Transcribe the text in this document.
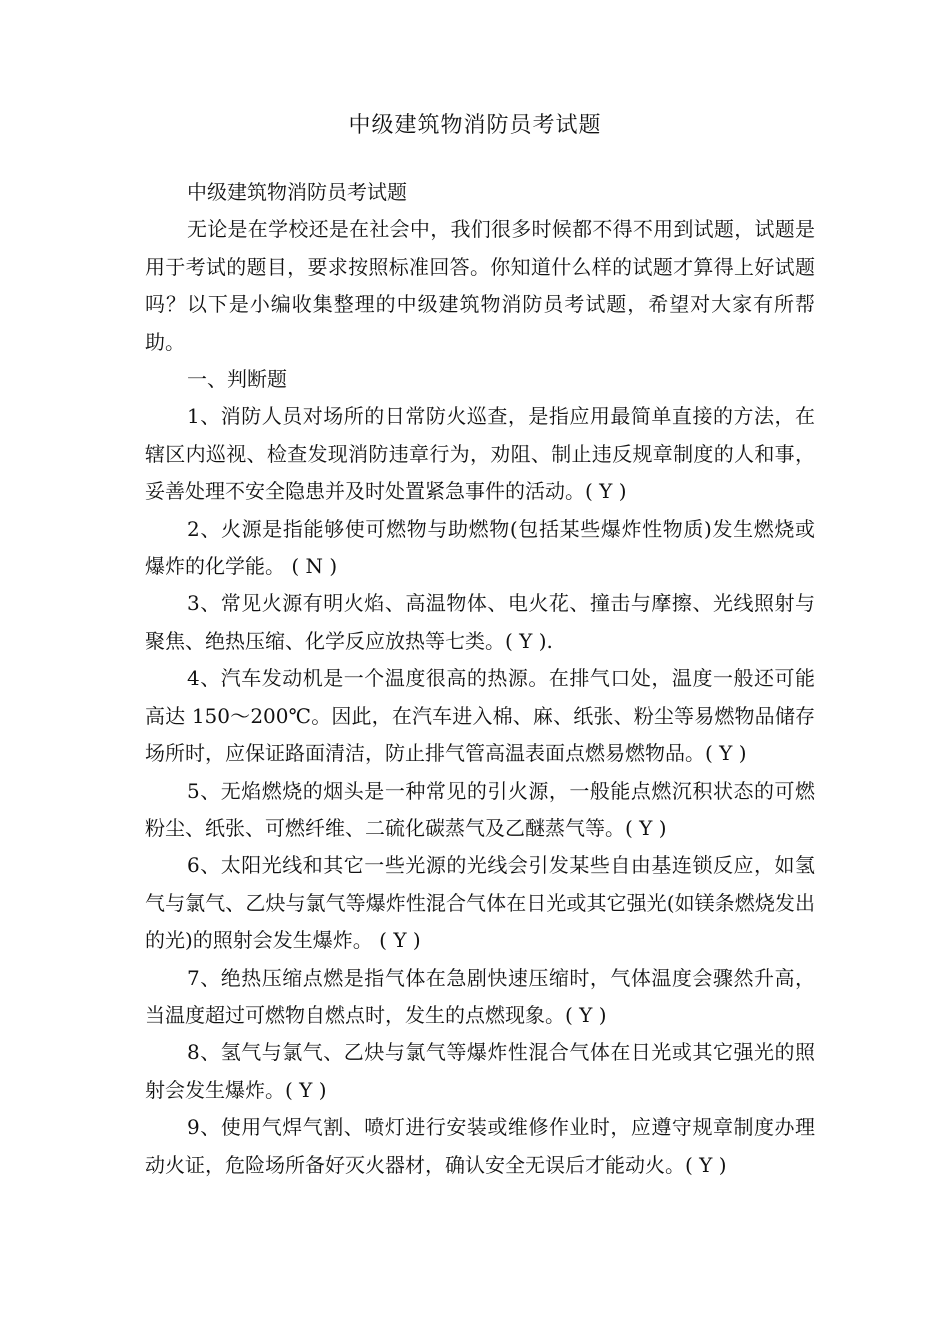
中级建筑物消防员考试题

中级建筑物消防员考试题

无论是在学校还是在社会中，我们很多时候都不得不用到试题，试题是用于考试的题目，要求按照标准回答。你知道什么样的试题才算得上好试题吗？以下是小编收集整理的中级建筑物消防员考试题，希望对大家有所帮助。

一、判断题

1、消防人员对场所的日常防火巡查，是指应用最简单直接的方法，在辖区内巡视、检查发现消防违章行为，劝阻、制止违反规章制度的人和事，妥善处理不安全隐患并及时处置紧急事件的活动。( Y )

2、火源是指能够使可燃物与助燃物(包括某些爆炸性物质)发生燃烧或爆炸的化学能。 ( N )

3、常见火源有明火焰、高温物体、电火花、撞击与摩擦、光线照射与聚焦、绝热压缩、化学反应放热等七类。( Y ).

4、汽车发动机是一个温度很高的热源。在排气口处，温度一般还可能高达 150～200℃。因此，在汽车进入棉、麻、纸张、粉尘等易燃物品储存场所时，应保证路面清洁，防止排气管高温表面点燃易燃物品。( Y )

5、无焰燃烧的烟头是一种常见的引火源，一般能点燃沉积状态的可燃粉尘、纸张、可燃纤维、二硫化碳蒸气及乙醚蒸气等。( Y )

6、太阳光线和其它一些光源的光线会引发某些自由基连锁反应，如氢气与氯气、乙炔与氯气等爆炸性混合气体在日光或其它强光(如镁条燃烧发出的光)的照射会发生爆炸。 ( Y )

7、绝热压缩点燃是指气体在急剧快速压缩时，气体温度会骤然升高，当温度超过可燃物自燃点时，发生的点燃现象。( Y )

8、氢气与氯气、乙炔与氯气等爆炸性混合气体在日光或其它强光的照射会发生爆炸。( Y )

9、使用气焊气割、喷灯进行安装或维修作业时，应遵守规章制度办理动火证，危险场所备好灭火器材，确认安全无误后才能动火。( Y )
